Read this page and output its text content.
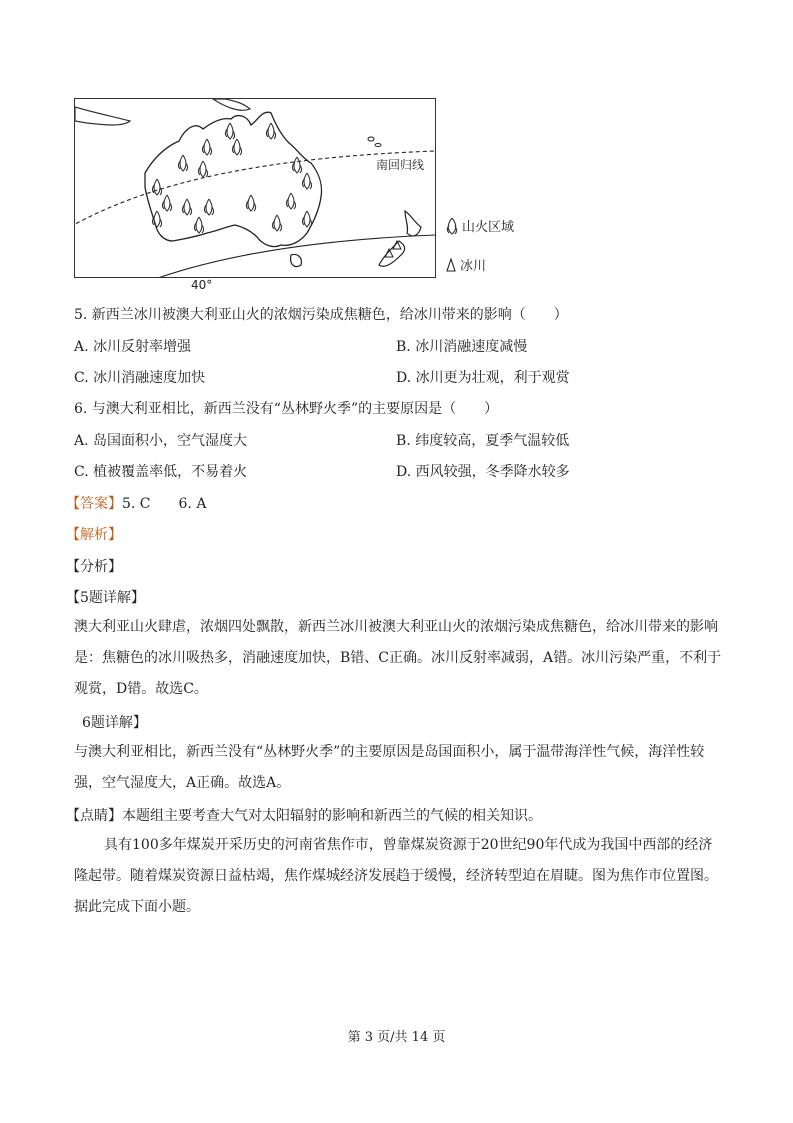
南回归线
40°
山火区域
冰川
5. 新西兰冰川被澳大利亚山火的浓烟污染成焦糖色，给冰川带来的影响（　　）
A. 冰川反射率增强	B. 冰川消融速度减慢
C. 冰川消融速度加快	D. 冰川更为壮观，利于观赏
6. 与澳大利亚相比，新西兰没有“丛林野火季”的主要原因是（　　）
A. 岛国面积小，空气湿度大	B. 纬度较高，夏季气温较低
C. 植被覆盖率低，不易着火	D. 西风较强，冬季降水较多
【答案】5. C　　6. A
【解析】
【分析】
【5题详解】
澳大利亚山火肆虐，浓烟四处飘散，新西兰冰川被澳大利亚山火的浓烟污染成焦糖色，给冰川带来的影响是：焦糖色的冰川吸热多，消融速度加快，B错、C正确。冰川反射率减弱，A错。冰川污染严重，不利于观赏，D错。故选C。
6题详解】
与澳大利亚相比，新西兰没有“丛林野火季”的主要原因是岛国面积小，属于温带海洋性气候，海洋性较强，空气湿度大，A正确。故选A。
【点睛】本题组主要考查大气对太阳辐射的影响和新西兰的气候的相关知识。
具有100多年煤炭开采历史的河南省焦作市，曾靠煤炭资源于20世纪90年代成为我国中西部的经济隆起带。随着煤炭资源日益枯竭，焦作煤城经济发展趋于缓慢，经济转型迫在眉睫。图为焦作市位置图。据此完成下面小题。
第 3 页/共 14 页
